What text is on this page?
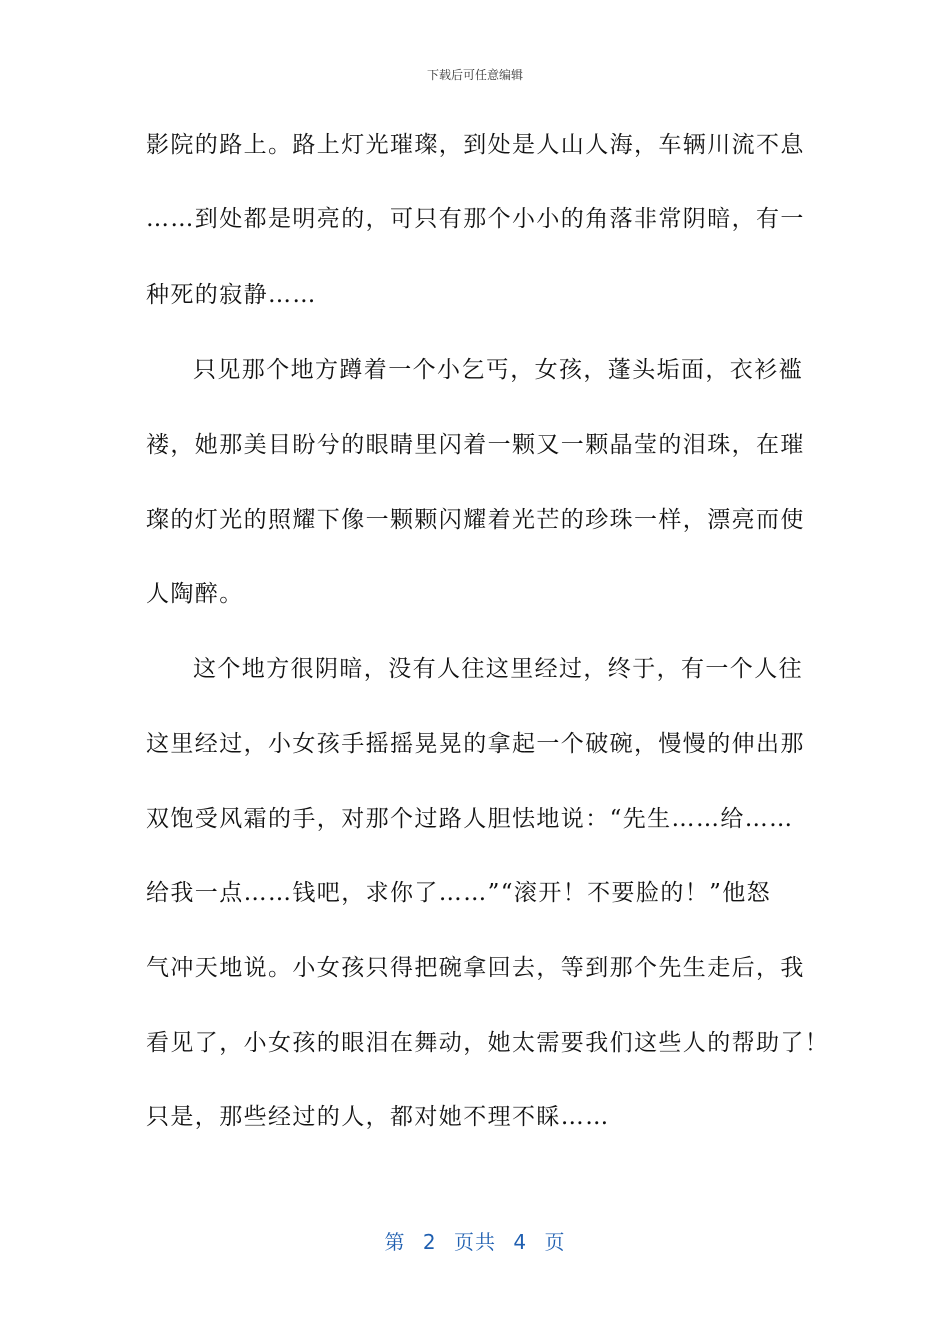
下载后可任意编辑
影院的路上。路上灯光璀璨，到处是人山人海，车辆川流不息
……到处都是明亮的，可只有那个小小的角落非常阴暗，有一
种死的寂静……
只见那个地方蹲着一个小乞丐，女孩，蓬头垢面，衣衫褴
褛，她那美目盼兮的眼睛里闪着一颗又一颗晶莹的泪珠，在璀
璨的灯光的照耀下像一颗颗闪耀着光芒的珍珠一样，漂亮而使
人陶醉。
这个地方很阴暗，没有人往这里经过，终于，有一个人往
这里经过，小女孩手摇摇晃晃的拿起一个破碗，慢慢的伸出那
双饱受风霜的手，对那个过路人胆怯地说：“先生……给……
给我一点……钱吧，求你了……”“滚开！不要脸的！”他怒
气冲天地说。小女孩只得把碗拿回去，等到那个先生走后，我
看见了，小女孩的眼泪在舞动，她太需要我们这些人的帮助了！
只是，那些经过的人，都对她不理不睬……
第 2 页共 4 页
